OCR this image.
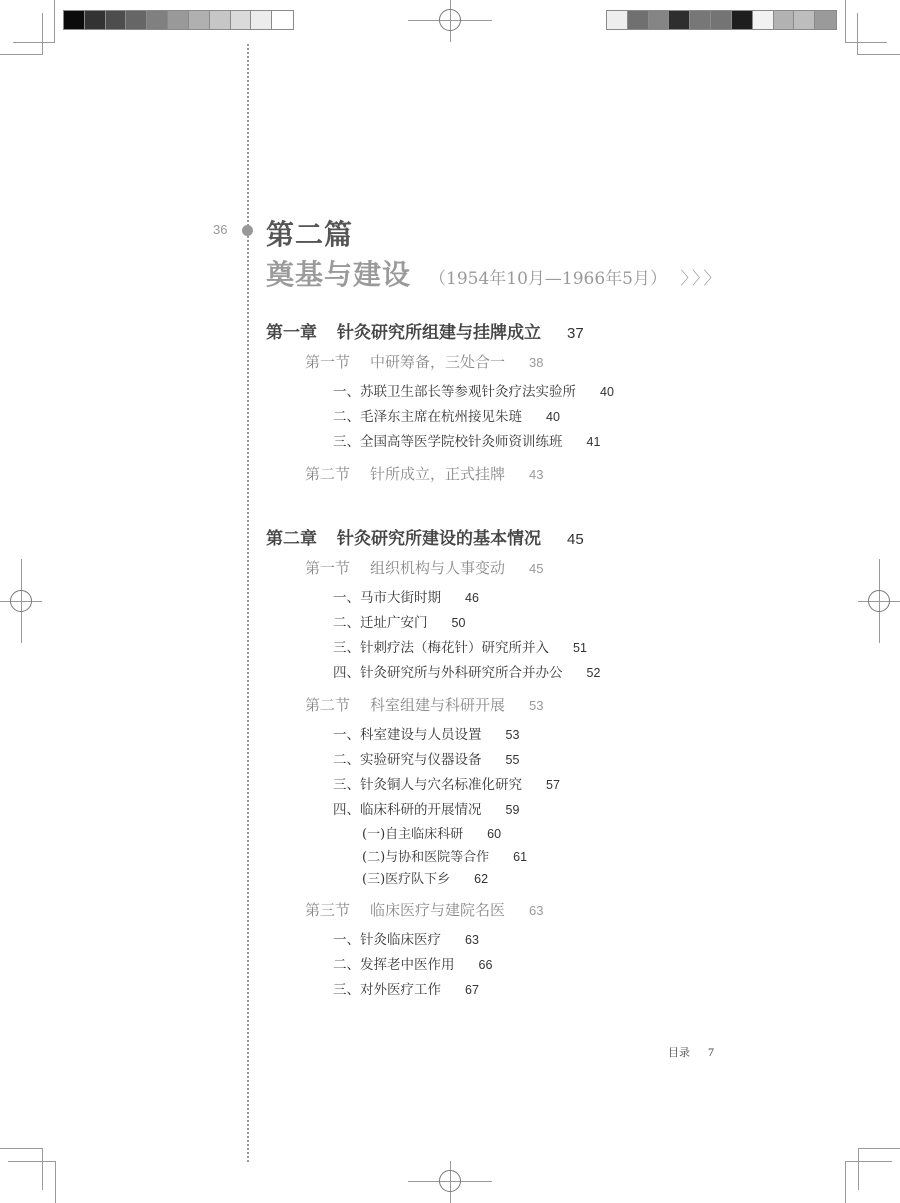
36 第二篇
奠基与建设 （1954年10月—1966年5月） 〉〉〉
第一章 针灸研究所组建与挂牌成立 37
第一节 中研筹备，三处合一 38
一、苏联卫生部长等参观针灸疗法实验所 40
二、毛泽东主席在杭州接见朱琏 40
三、全国高等医学院校针灸师资训练班 41
第二节 针所成立，正式挂牌 43
第二章 针灸研究所建设的基本情况 45
第一节 组织机构与人事变动 45
一、马市大街时期 46
二、迁址广安门 50
三、针刺疗法（梅花针）研究所并入 51
四、针灸研究所与外科研究所合并办公 52
第二节 科室组建与科研开展 53
一、科室建设与人员设置 53
二、实验研究与仪器设备 55
三、针灸铜人与穴名标准化研究 57
四、临床科研的开展情况 59
(一)自主临床科研 60
(二)与协和医院等合作 61
(三)医疗队下乡 62
第三节 临床医疗与建院名医 63
一、针灸临床医疗 63
二、发挥老中医作用 66
三、对外医疗工作 67
目录 7
